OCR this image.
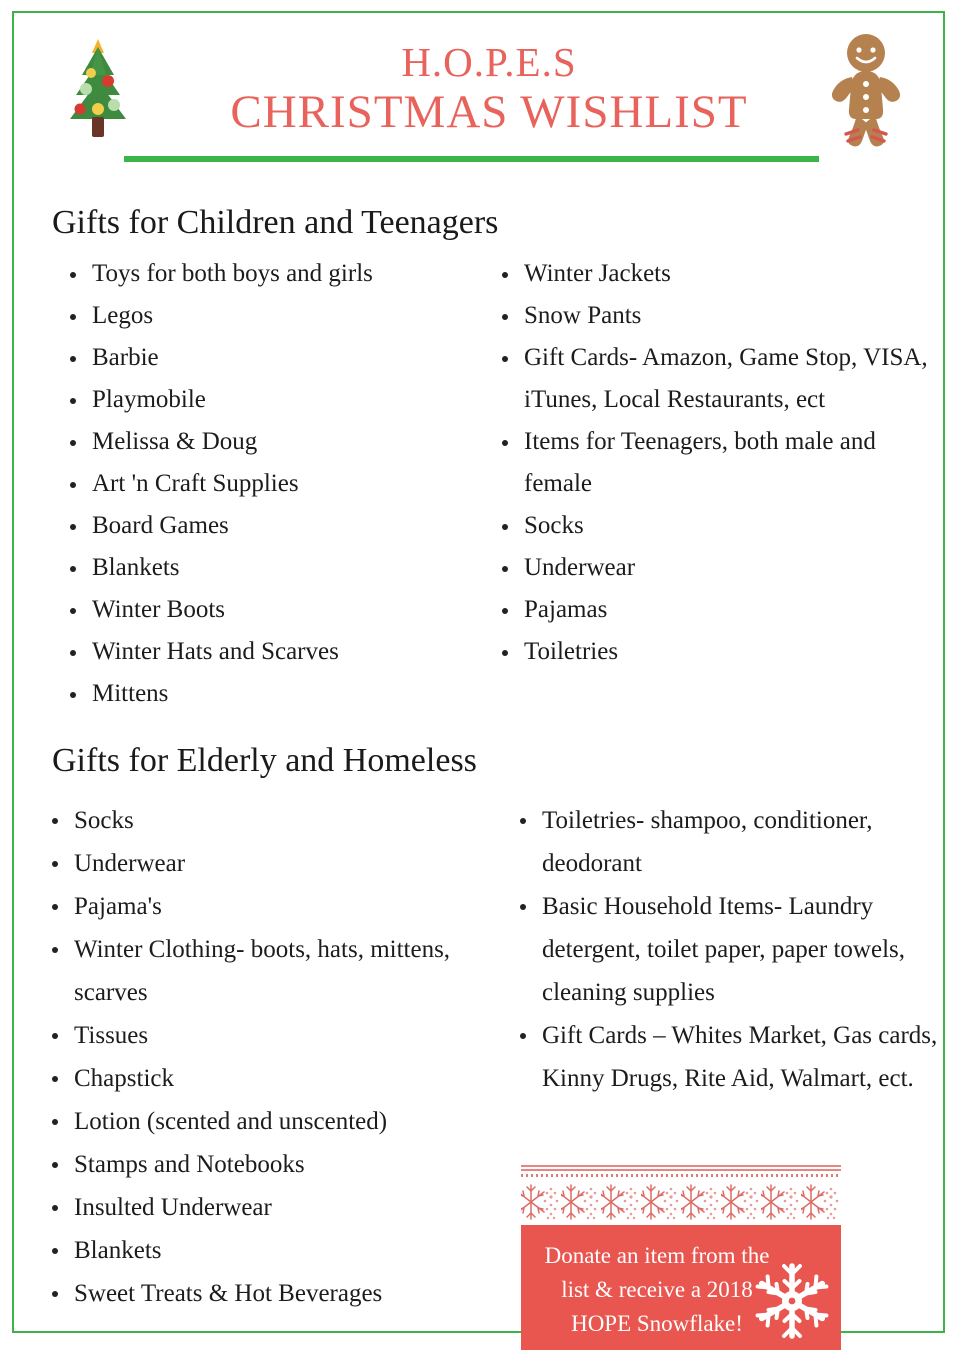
H.O.P.E.S
CHRISTMAS WISHLIST
Gifts for Children and Teenagers
Toys for both boys and girls
Legos
Barbie
Playmobile
Melissa & Doug
Art 'n Craft Supplies
Board Games
Blankets
Winter Boots
Winter Hats and Scarves
Mittens
Winter Jackets
Snow Pants
Gift Cards- Amazon, Game Stop, VISA, iTunes, Local Restaurants, ect
Items for Teenagers, both male and female
Socks
Underwear
Pajamas
Toiletries
Gifts for Elderly and Homeless
Socks
Underwear
Pajama's
Winter Clothing- boots, hats, mittens, scarves
Tissues
Chapstick
Lotion (scented and unscented)
Stamps and Notebooks
Insulted Underwear
Blankets
Sweet Treats & Hot Beverages
Toiletries- shampoo, conditioner, deodorant
Basic Household Items- Laundry detergent, toilet paper, paper towels, cleaning supplies
Gift Cards – Whites Market, Gas cards, Kinny Drugs, Rite Aid, Walmart, ect.
Donate an item from the list & receive a 2018 HOPE Snowflake!
